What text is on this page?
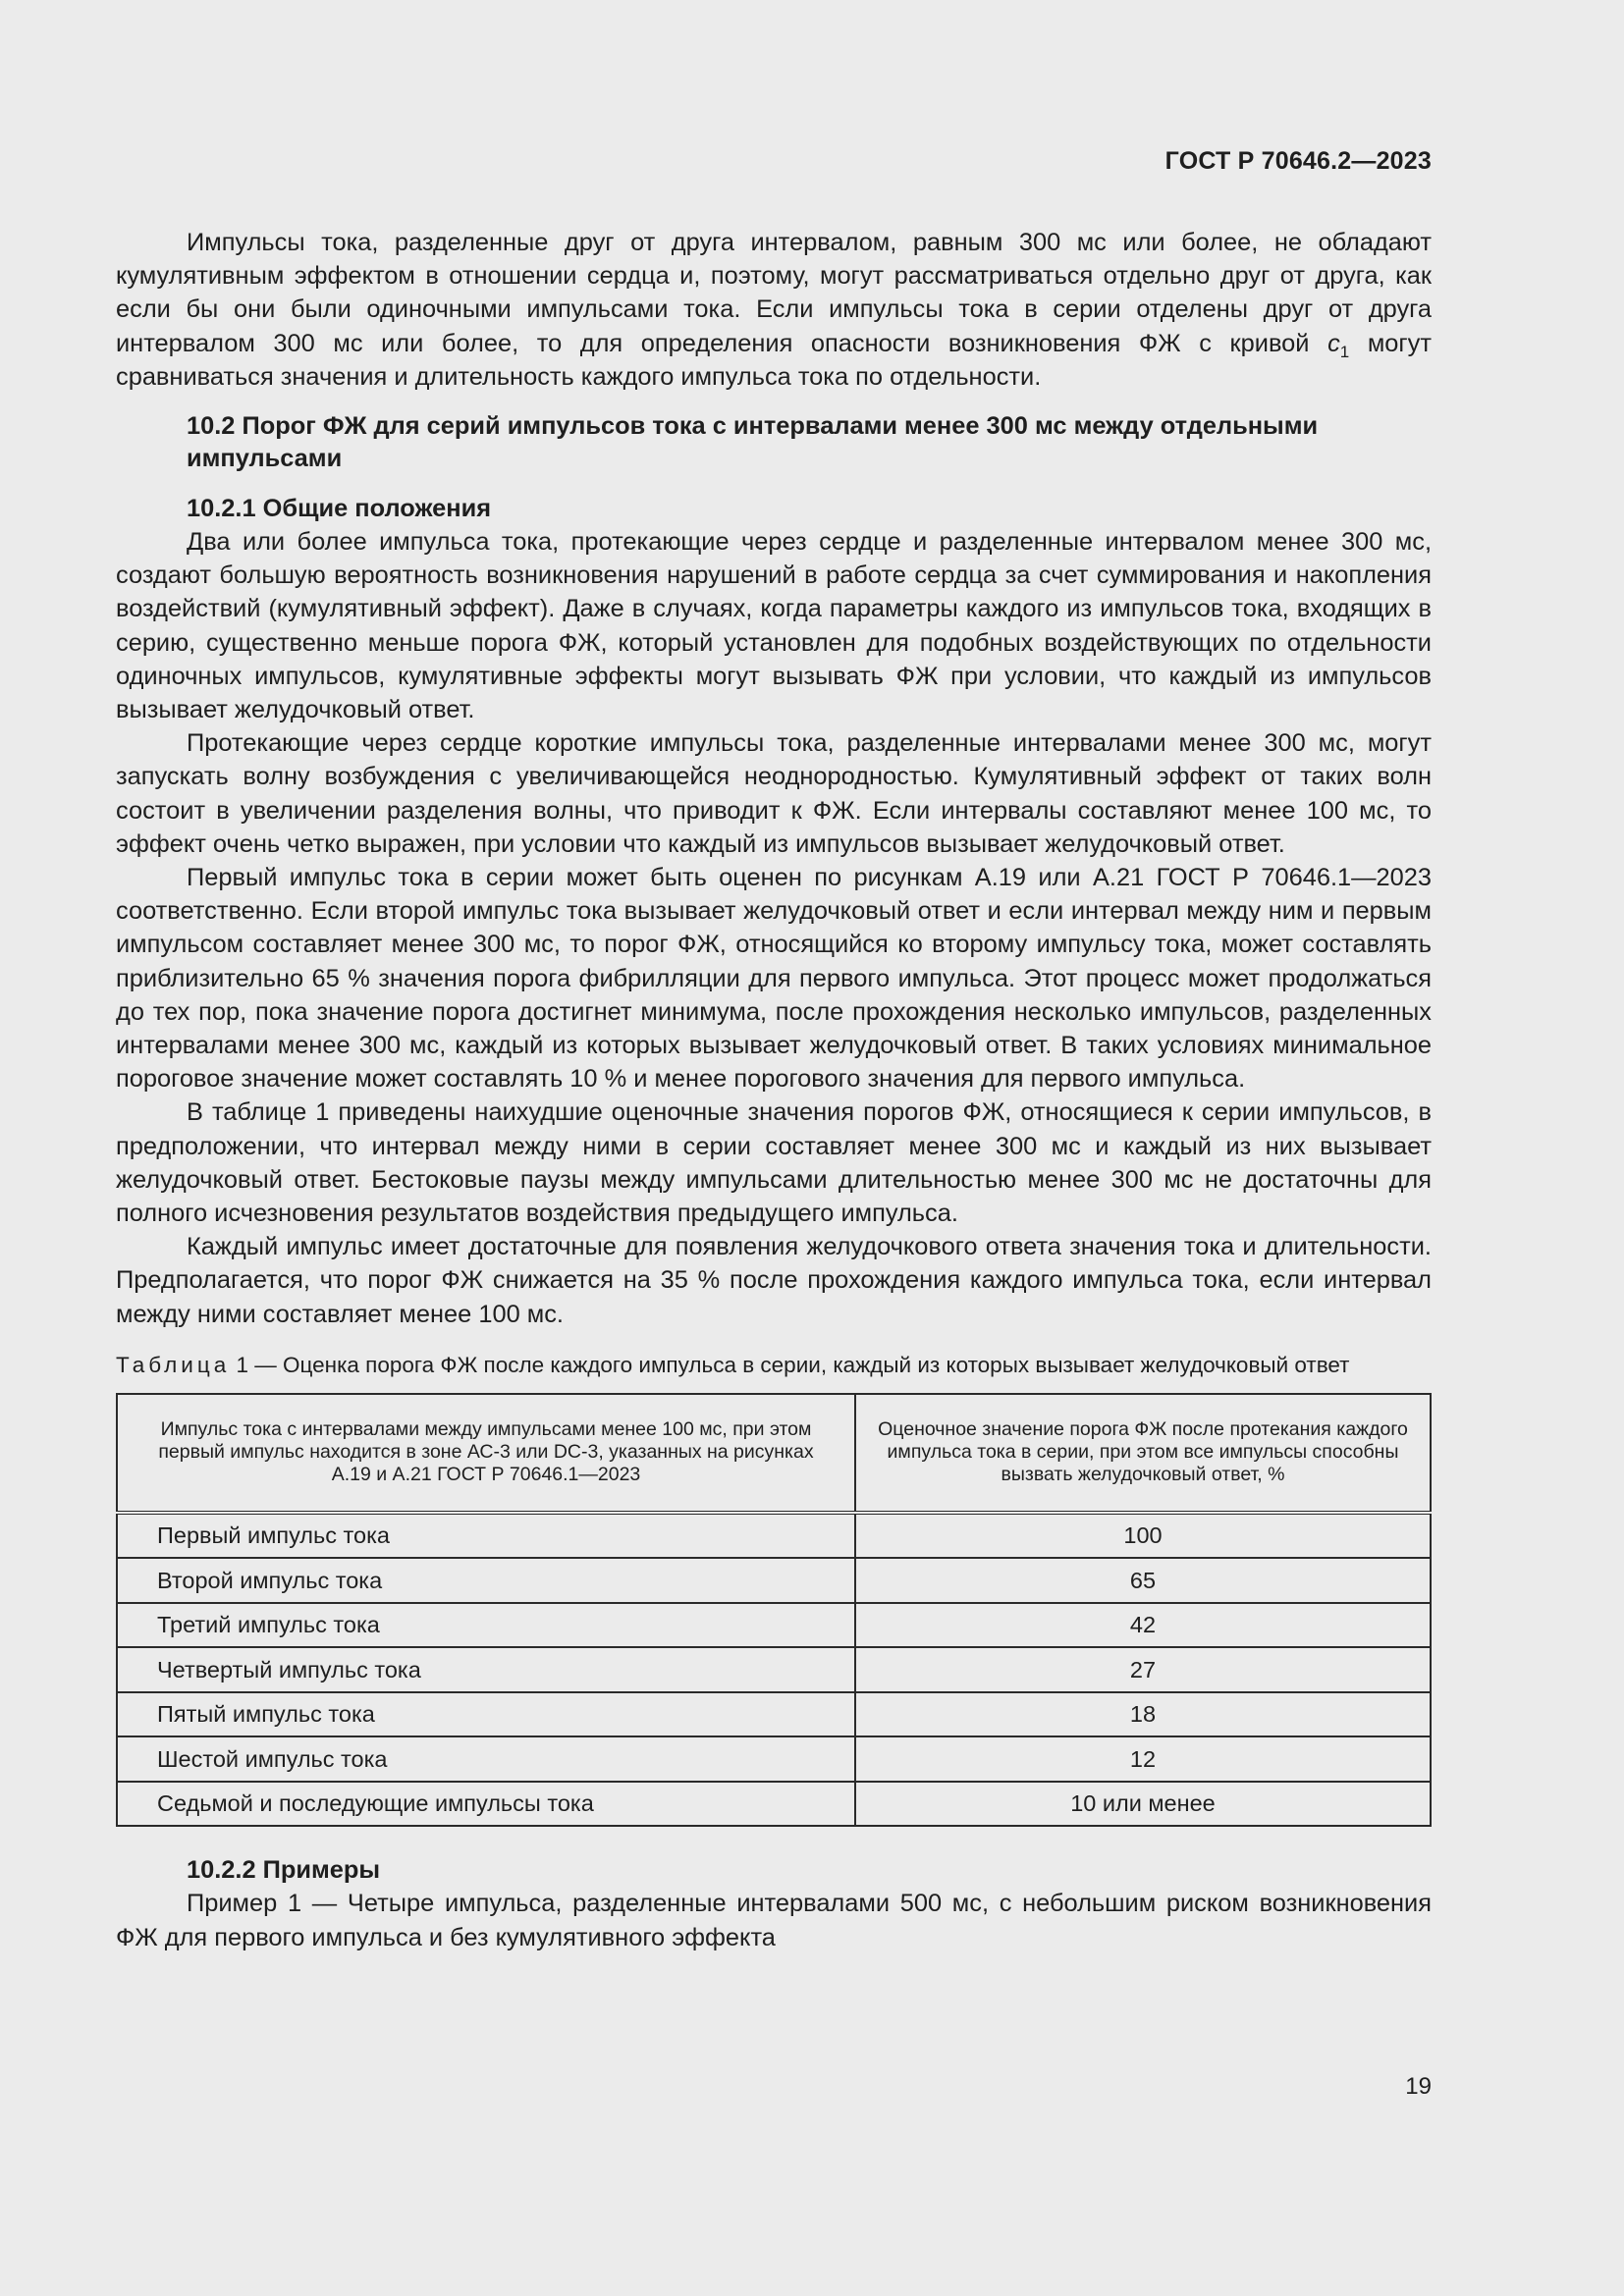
ГОСТ Р 70646.2—2023

Импульсы тока, разделенные друг от друга интервалом, равным 300 мс или более, не обладают кумулятивным эффектом в отношении сердца и, поэтому, могут рассматриваться отдельно друг от друга, как если бы они были одиночными импульсами тока. Если импульсы тока в серии отделены друг от друга интервалом 300 мс или более, то для определения опасности возникновения ФЖ с кривой $c_1$ могут сравниваться значения и длительность каждого импульса тока по отдельности.

10.2 Порог ФЖ для серий импульсов тока с интервалами менее 300 мс между отдельными импульсами

10.2.1 Общие положения

Два или более импульса тока, протекающие через сердце и разделенные интервалом менее 300 мс, создают большую вероятность возникновения нарушений в работе сердца за счет суммирования и накопления воздействий (кумулятивный эффект). Даже в случаях, когда параметры каждого из импульсов тока, входящих в серию, существенно меньше порога ФЖ, который установлен для подобных воздействующих по отдельности одиночных импульсов, кумулятивные эффекты могут вызывать ФЖ при условии, что каждый из импульсов вызывает желудочковый ответ.

Протекающие через сердце короткие импульсы тока, разделенные интервалами менее 300 мс, могут запускать волну возбуждения с увеличивающейся неоднородностью. Кумулятивный эффект от таких волн состоит в увеличении разделения волны, что приводит к ФЖ. Если интервалы составляют менее 100 мс, то эффект очень четко выражен, при условии что каждый из импульсов вызывает желудочковый ответ.

Первый импульс тока в серии может быть оценен по рисункам А.19 или А.21 ГОСТ Р 70646.1—2023 соответственно. Если второй импульс тока вызывает желудочковый ответ и если интервал между ним и первым импульсом составляет менее 300 мс, то порог ФЖ, относящийся ко второму импульсу тока, может составлять приблизительно 65 % значения порога фибрилляции для первого импульса. Этот процесс может продолжаться до тех пор, пока значение порога достигнет минимума, после прохождения несколько импульсов, разделенных интервалами менее 300 мс, каждый из которых вызывает желудочковый ответ. В таких условиях минимальное пороговое значение может составлять 10 % и менее порогового значения для первого импульса.

В таблице 1 приведены наихудшие оценочные значения порогов ФЖ, относящиеся к серии импульсов, в предположении, что интервал между ними в серии составляет менее 300 мс и каждый из них вызывает желудочковый ответ. Бестоковые паузы между импульсами длительностью менее 300 мс не достаточны для полного исчезновения результатов воздействия предыдущего импульса.

Каждый импульс имеет достаточные для появления желудочкового ответа значения тока и длительности. Предполагается, что порог ФЖ снижается на 35 % после прохождения каждого импульса тока, если интервал между ними составляет менее 100 мс.

Таблица 1 — Оценка порога ФЖ после каждого импульса в серии, каждый из которых вызывает желудочковый ответ

Импульс тока с интервалами между импульсами менее 100 мс, при этом первый импульс находится в зоне АС-3 или DC-3, указанных на рисунках А.19 и А.21 ГОСТ Р 70646.1—2023	Оценочное значение порога ФЖ после протекания каждого импульса тока в серии, при этом все импульсы способны вызвать желудочковый ответ, %
Первый импульс тока	100
Второй импульс тока	65
Третий импульс тока	42
Четвертый импульс тока	27
Пятый импульс тока	18
Шестой импульс тока	12
Седьмой и последующие импульсы тока	10 или менее

10.2.2 Примеры

Пример 1 — Четыре импульса, разделенные интервалами 500 мс, с небольшим риском возникновения ФЖ для первого импульса и без кумулятивного эффекта

19
